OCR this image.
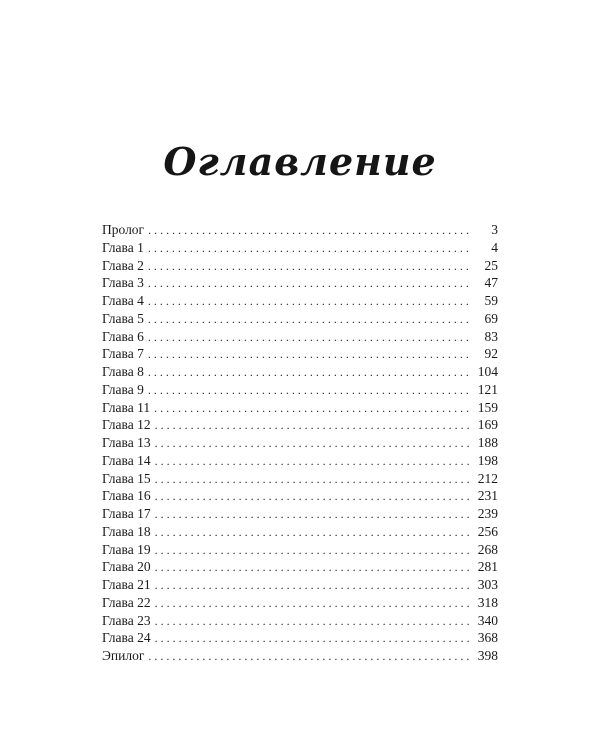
Оглавление
Пролог . . .	3
Глава 1 . . .	4
Глава 2 . . .	25
Глава 3 . . .	47
Глава 4 . . .	59
Глава 5 . . .	69
Глава 6 . . .	83
Глава 7 . . .	92
Глава 8 . . .	104
Глава 9 . . .	121
Глава 11 . . .	159
Глава 12 . . .	169
Глава 13 . . .	188
Глава 14 . . .	198
Глава 15 . . .	212
Глава 16 . . .	231
Глава 17 . . .	239
Глава 18 . . .	256
Глава 19 . . .	268
Глава 20 . . .	281
Глава 21 . . .	303
Глава 22 . . .	318
Глава 23 . . .	340
Глава 24 . . .	368
Эпилог . . .	398
